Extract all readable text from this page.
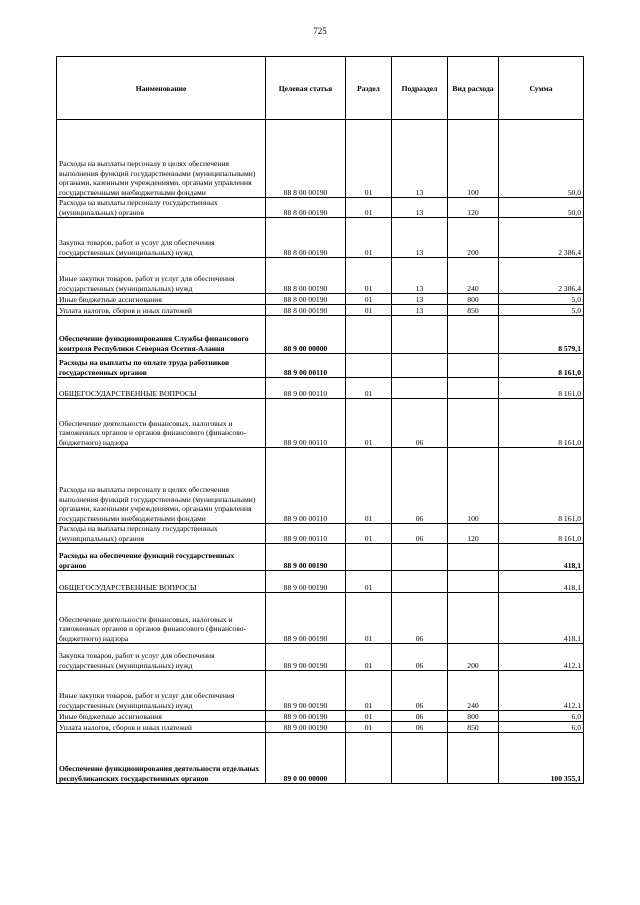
725
Наименование	Целевая статья	Раздел	Подраздел	Вид расхода	Сумма
Расходы на выплаты персоналу в целях обеспечения выполнения функций государственными (муниципальными) органами, казенными учреждениями, органами управления государственными внебюджетными фондами	88 8 00 00190	01	13	100	50,0
Расходы на выплаты персоналу государственных (муниципальных) органов	88 8 00 00190	01	13	120	50,0
Закупка товаров, работ и услуг для обеспечения государственных (муниципальных) нужд	88 8 00 00190	01	13	200	2 386,4
Иные закупки товаров, работ и услуг для обеспечения государственных (муниципальных) нужд	88 8 00 00190	01	13	240	2 386,4
Иные бюджетные ассигнования	88 8 00 00190	01	13	800	5,0
Уплата налогов, сборов и иных платежей	88 8 00 00190	01	13	850	5,0
Обеспечение функционирования Службы финансового контроля Республики Северная Осетия-Алания	88 9 00 00000				8 579,1
Расходы на выплаты по оплате труда работников государственных органов	88 9 00 00110				8 161,0
ОБЩЕГОСУДАРСТВЕННЫЕ ВОПРОСЫ	88 9 00 00110	01			8 161,0
Обеспечение деятельности финансовых, налоговых и таможенных органов и органов финансового (финансово-бюджетного) надзора	88 9 00 00110	01	06		8 161,0
Расходы на выплаты персоналу в целях обеспечения выполнения функций государственными (муниципальными) органами, казенными учреждениями, органами управления государственными внебюджетными фондами	88 9 00 00110	01	06	100	8 161,0
Расходы на выплаты персоналу государственных (муниципальных) органов	88 9 00 00110	01	06	120	8 161,0
Расходы на обеспечение функций государственных органов	88 9 00 00190				418,1
ОБЩЕГОСУДАРСТВЕННЫЕ ВОПРОСЫ	88 9 00 00190	01			418,1
Обеспечение деятельности финансовых, налоговых и таможенных органов и органов финансового (финансово-бюджетного) надзора	88 9 00 00190	01	06		418,1
Закупка товаров, работ и услуг для обеспечения государственных (муниципальных) нужд	88 9 00 00190	01	06	200	412,1
Иные закупки товаров, работ и услуг для обеспечения государственных (муниципальных) нужд	88 9 00 00190	01	06	240	412,1
Иные бюджетные ассигнования	88 9 00 00190	01	06	800	6,0
Уплата налогов, сборов и иных платежей	88 9 00 00190	01	06	850	6,0
Обеспечение функционирования деятельности отдельных республиканских государственных органов	89 0 00 00000				100 355,1
